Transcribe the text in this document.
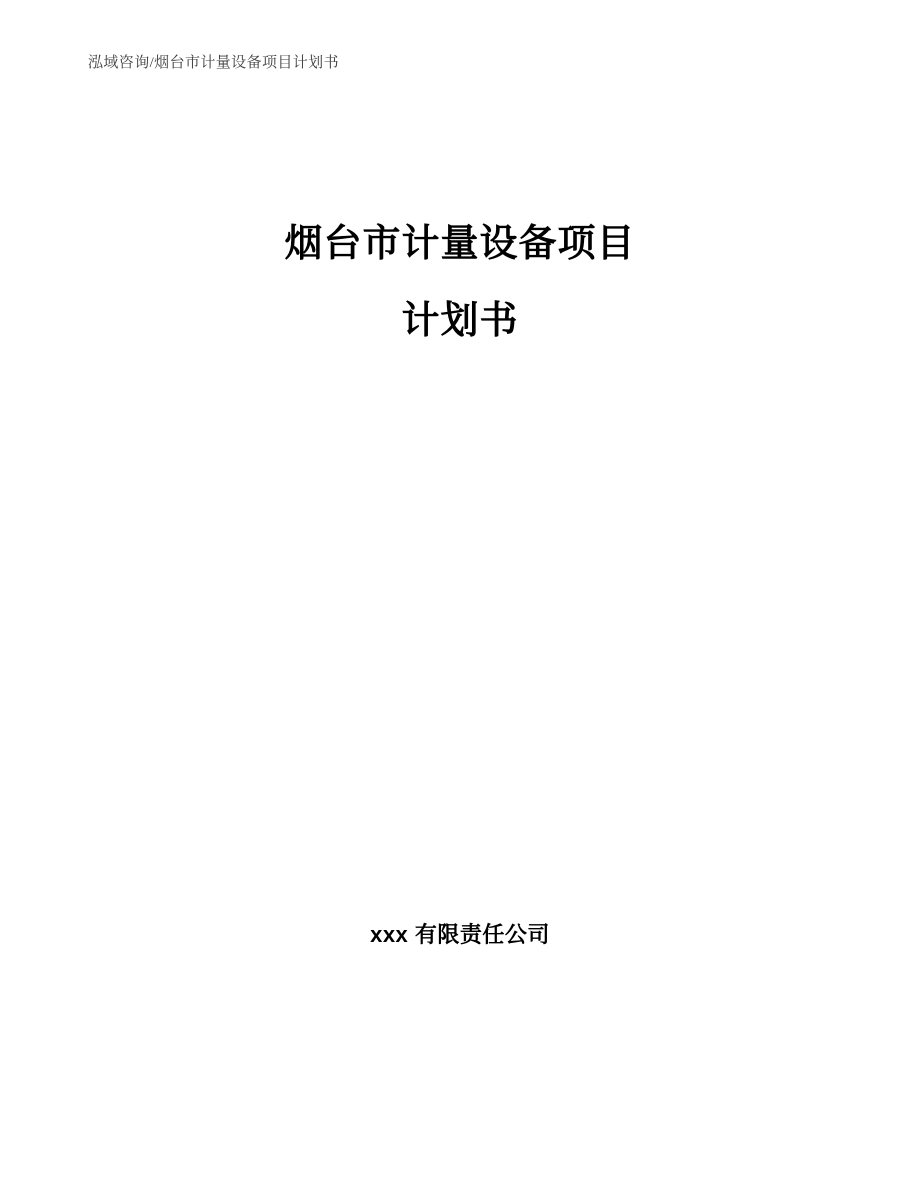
泓域咨询/烟台市计量设备项目计划书
烟台市计量设备项目
计划书
xxx 有限责任公司
